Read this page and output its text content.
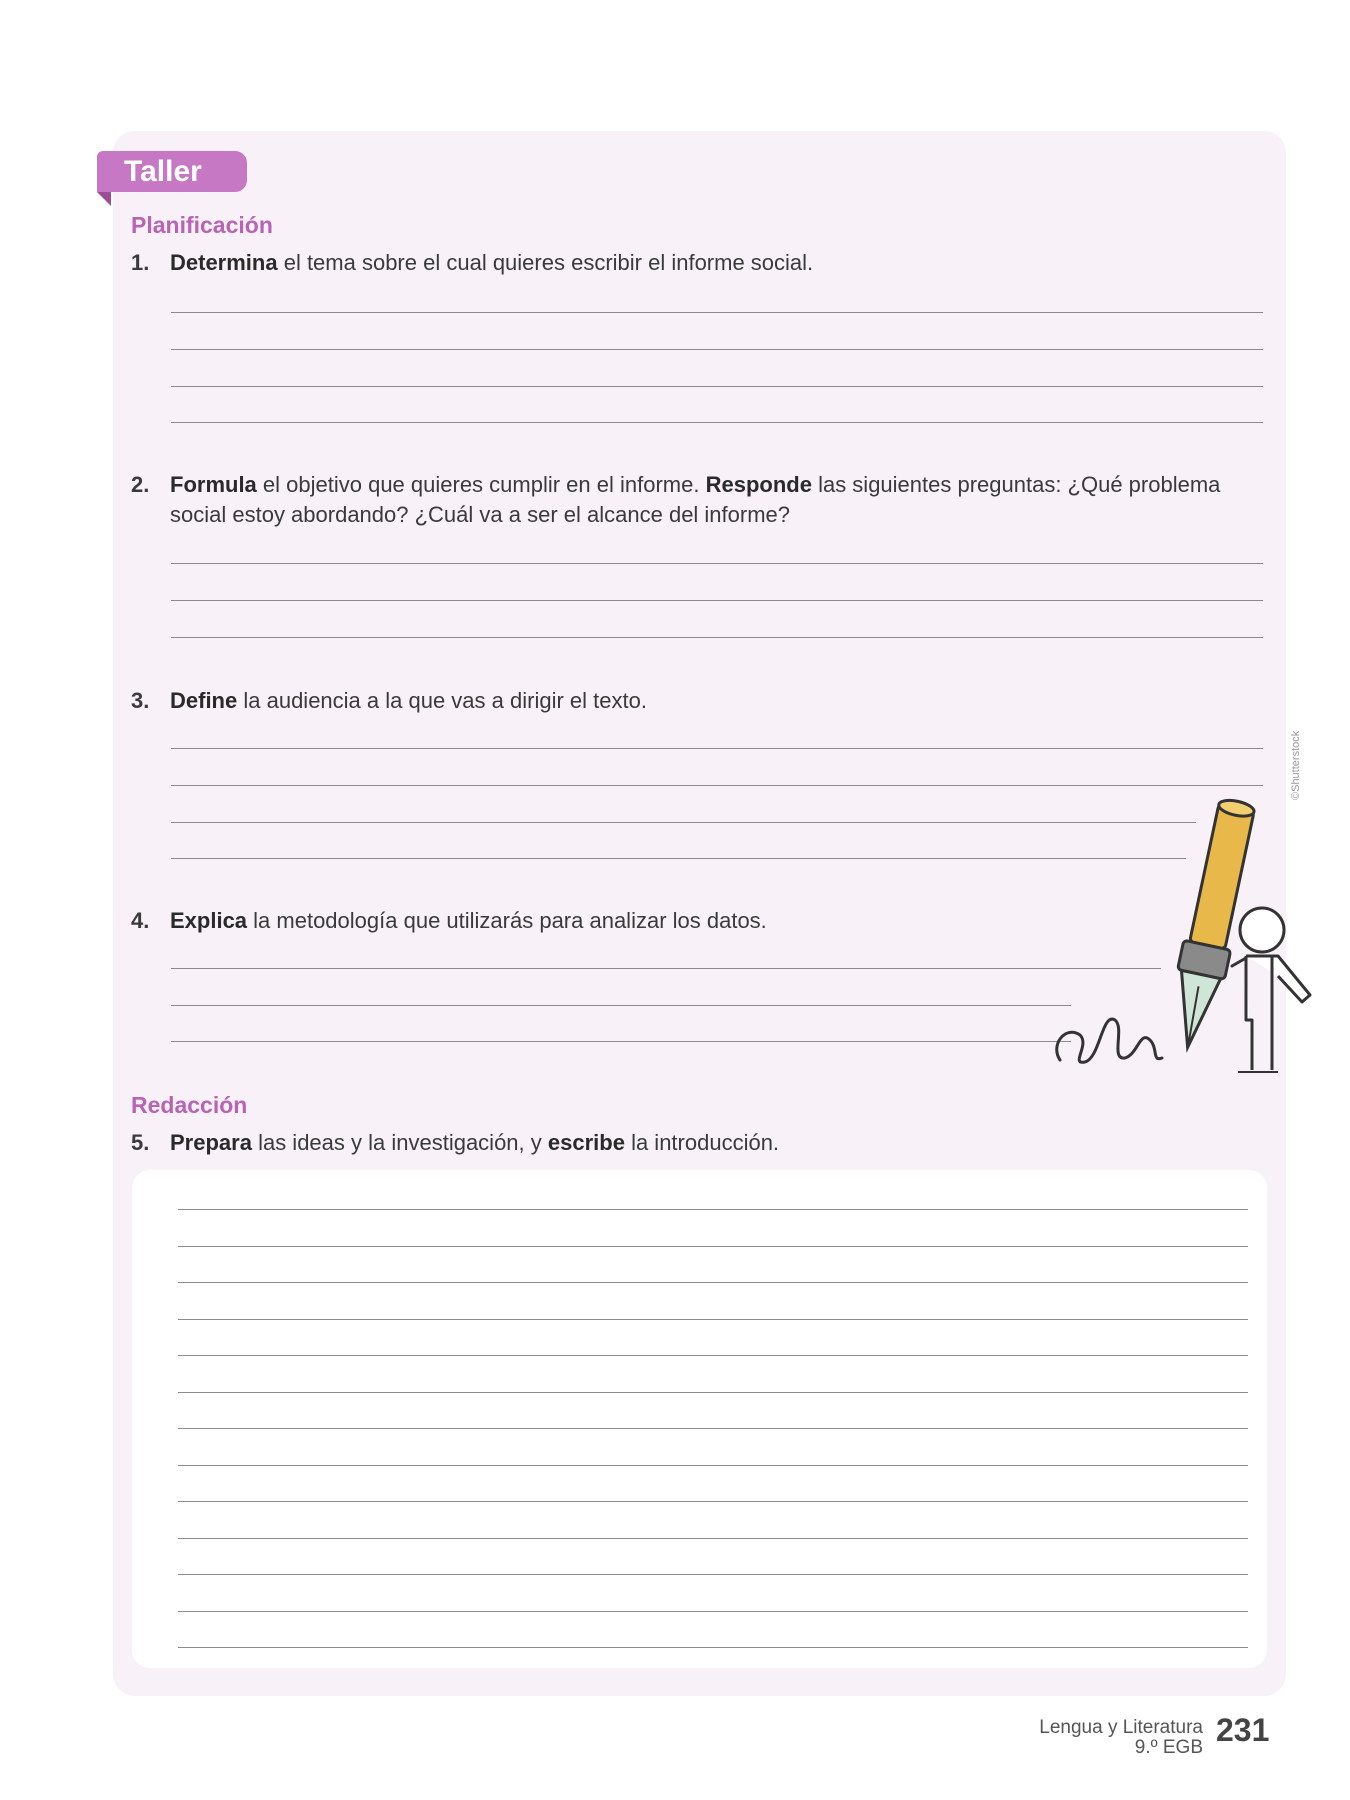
Taller
Planificación
1. Determina el tema sobre el cual quieres escribir el informe social.
2. Formula el objetivo que quieres cumplir en el informe. Responde las siguientes preguntas: ¿Qué problema social estoy abordando? ¿Cuál va a ser el alcance del informe?
3. Define la audiencia a la que vas a dirigir el texto.
4. Explica la metodología que utilizarás para analizar los datos.
Redacción
5. Prepara las ideas y la investigación, y escribe la introducción.
©Shutterstock
Lengua y Literatura
9.º EGB 231
